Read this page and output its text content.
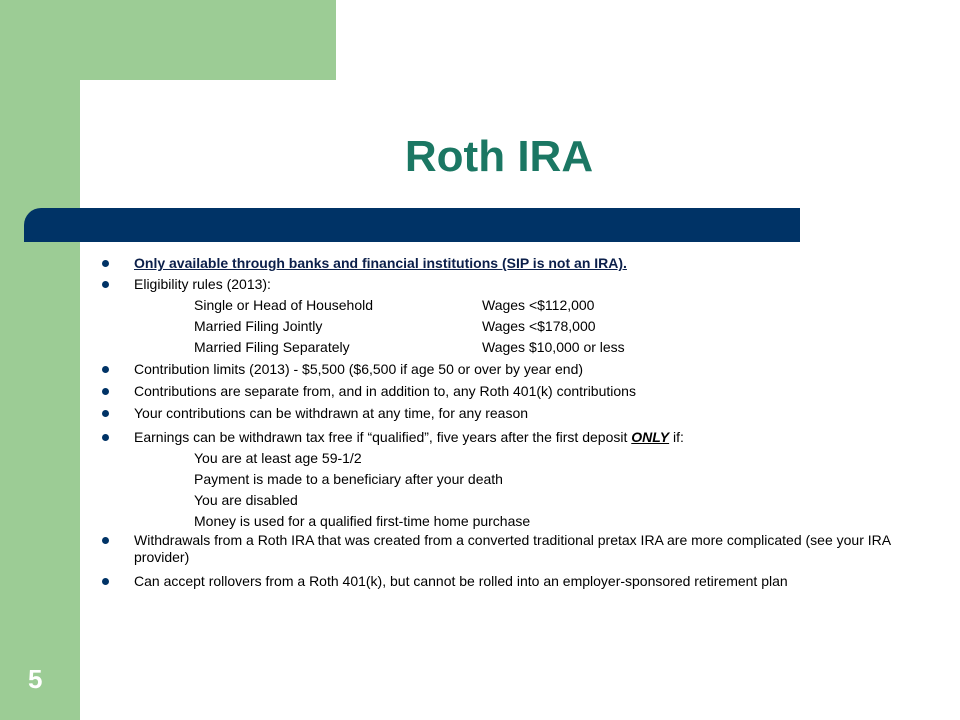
Roth IRA
Only available through banks and financial institutions (SIP is not an IRA).
Eligibility rules (2013):
Single or Head of Household	Wages <$112,000
Married Filing Jointly	Wages <$178,000
Married Filing Separately	Wages $10,000 or less
Contribution limits (2013) - $5,500 ($6,500 if age 50 or over by year end)
Contributions are separate from, and in addition to, any Roth 401(k) contributions
Your contributions can be withdrawn at any time, for any reason
Earnings can be withdrawn tax free if “qualified”, five years after the first deposit ONLY if:
You are at least age 59-1/2
Payment is made to a beneficiary after your death
You are disabled
Money is used for a qualified first-time home purchase
Withdrawals from a Roth IRA that was created from a converted traditional pretax IRA are more complicated (see your IRA provider)
Can accept rollovers from a Roth 401(k), but cannot be rolled into an employer-sponsored retirement plan
5
